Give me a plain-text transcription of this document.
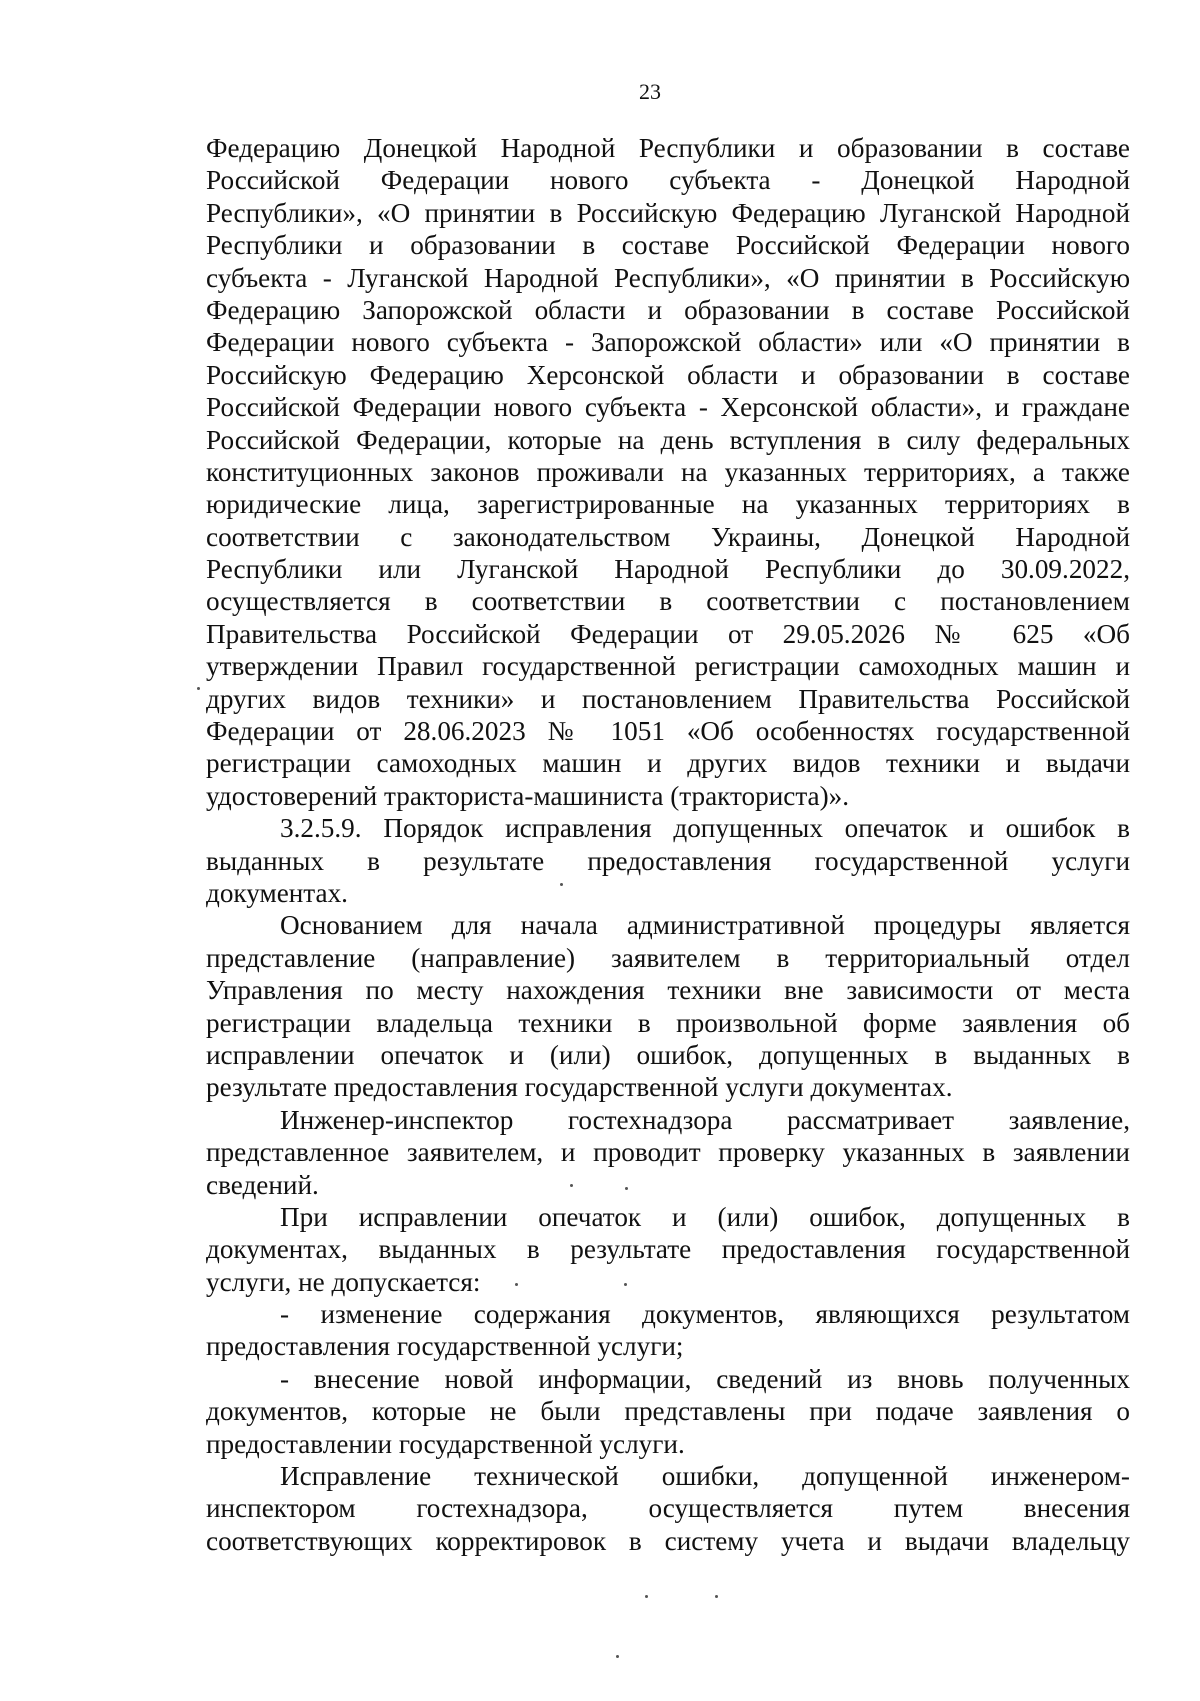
23
Федерацию Донецкой Народной Республики и образовании в составе
Российской Федерации нового субъекта - Донецкой Народной
Республики», «О принятии в Российскую Федерацию Луганской Народной
Республики и образовании в составе Российской Федерации нового
субъекта - Луганской Народной Республики», «О принятии в Российскую
Федерацию Запорожской области и образовании в составе Российской
Федерации нового субъекта - Запорожской области» или «О принятии в
Российскую Федерацию Херсонской области и образовании в составе
Российской Федерации нового субъекта - Херсонской области», и граждане
Российской Федерации, которые на день вступления в силу федеральных
конституционных законов проживали на указанных территориях, а также
юридические лица, зарегистрированные на указанных территориях в
соответствии с законодательством Украины, Донецкой Народной
Республики или Луганской Народной Республики до 30.09.2022,
осуществляется в соответствии в соответствии с постановлением
Правительства Российской Федерации от 29.05.2026 № 625 «Об
утверждении Правил государственной регистрации самоходных машин и
других видов техники» и постановлением Правительства Российской
Федерации от 28.06.2023 № 1051 «Об особенностях государственной
регистрации самоходных машин и других видов техники и выдачи
удостоверений тракториста-машиниста (тракториста)».
3.2.5.9. Порядок исправления допущенных опечаток и ошибок в
выданных в результате предоставления государственной услуги
документах.
Основанием для начала административной процедуры является
представление (направление) заявителем в территориальный отдел
Управления по месту нахождения техники вне зависимости от места
регистрации владельца техники в произвольной форме заявления об
исправлении опечаток и (или) ошибок, допущенных в выданных в
результате предоставления государственной услуги документах.
Инженер-инспектор гостехнадзора рассматривает заявление,
представленное заявителем, и проводит проверку указанных в заявлении
сведений.
При исправлении опечаток и (или) ошибок, допущенных в
документах, выданных в результате предоставления государственной
услуги, не допускается:
- изменение содержания документов, являющихся результатом
предоставления государственной услуги;
- внесение новой информации, сведений из вновь полученных
документов, которые не были представлены при подаче заявления о
предоставлении государственной услуги.
Исправление технической ошибки, допущенной инженером-
инспектором гостехнадзора, осуществляется путем внесения
соответствующих корректировок в систему учета и выдачи владельцу
